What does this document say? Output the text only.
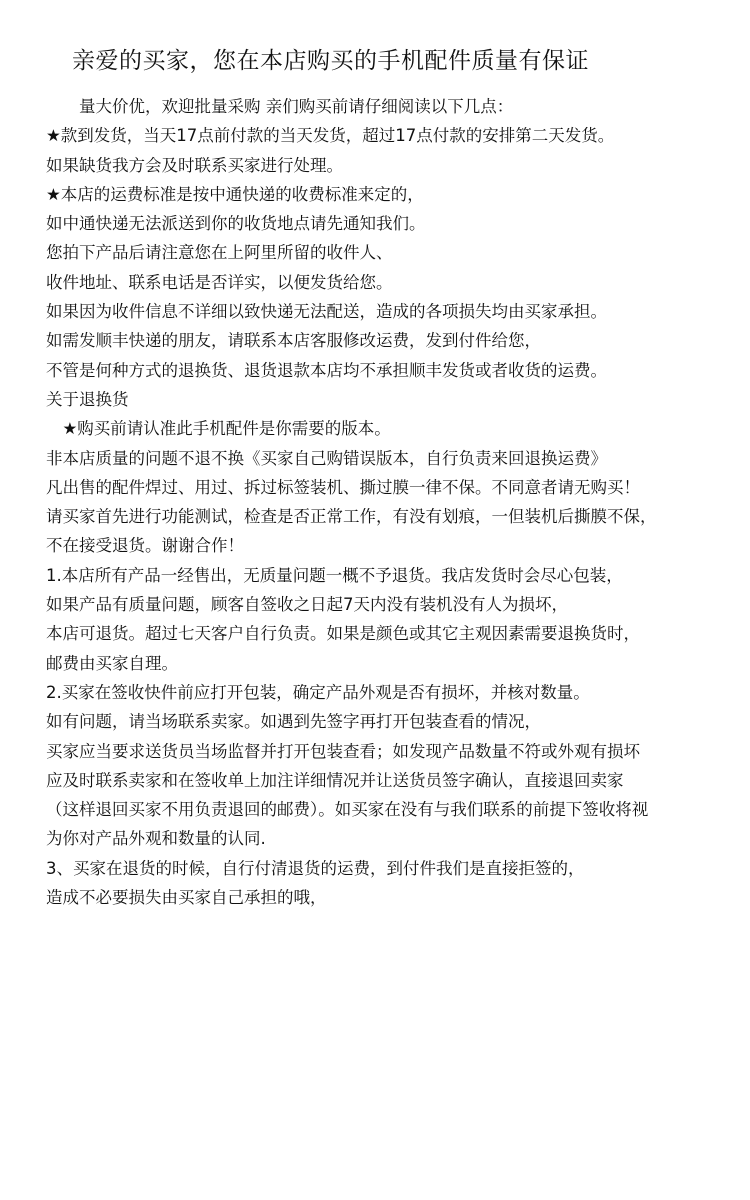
亲爱的买家，您在本店购买的手机配件质量有保证
　　量大价优，欢迎批量采购 亲们购买前请仔细阅读以下几点：
★款到发货，当天17点前付款的当天发货，超过17点付款的安排第二天发货。
如果缺货我方会及时联系买家进行处理。
★本店的运费标准是按中通快递的收费标准来定的，
如中通快递无法派送到你的收货地点请先通知我们。
您拍下产品后请注意您在上阿里所留的收件人、
收件地址、联系电话是否详实，以便发货给您。
如果因为收件信息不详细以致快递无法配送，造成的各项损失均由买家承担。
如需发顺丰快递的朋友，请联系本店客服修改运费，发到付件给您，
不管是何种方式的退换货、退货退款本店均不承担顺丰发货或者收货的运费。
关于退换货
　★购买前请认准此手机配件是你需要的版本。
非本店质量的问题不退不换《买家自己购错误版本，自行负责来回退换运费》
凡出售的配件焊过、用过、拆过标签装机、撕过膜一律不保。不同意者请无购买！
请买家首先进行功能测试，检查是否正常工作，有没有划痕，一但装机后撕膜不保，
不在接受退货。谢谢合作！
1.本店所有产品一经售出，无质量问题一概不予退货。我店发货时会尽心包装，
如果产品有质量问题，顾客自签收之日起7天内没有装机没有人为损坏，
本店可退货。超过七天客户自行负责。如果是颜色或其它主观因素需要退换货时，
邮费由买家自理。
2.买家在签收快件前应打开包装，确定产品外观是否有损坏，并核对数量。
如有问题，请当场联系卖家。如遇到先签字再打开包装查看的情况，
买家应当要求送货员当场监督并打开包装查看；如发现产品数量不符或外观有损坏
应及时联系卖家和在签收单上加注详细情况并让送货员签字确认，直接退回卖家
（这样退回买家不用负责退回的邮费）。如买家在没有与我们联系的前提下签收将视
为你对产品外观和数量的认同.
3、买家在退货的时候，自行付清退货的运费，到付件我们是直接拒签的，
造成不必要损失由买家自己承担的哦，
